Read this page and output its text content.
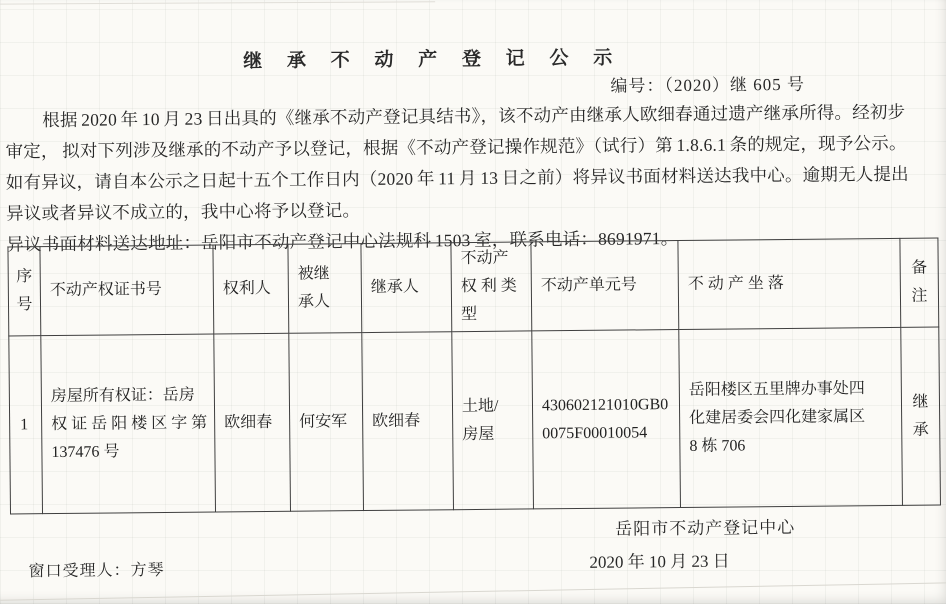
继 承 不 动 产 登 记 公 示
编号：（2020）继 605 号
根据 2020 年 10 月 23 日出具的《继承不动产登记具结书》，该不动产由继承人欧细春通过遗产继承所得。经初步
审定， 拟对下列涉及继承的不动产予以登记，根据《不动产登记操作规范》（试行）第 1.8.6.1 条的规定，现予公示。
如有异议，请自本公示之日起十五个工作日内（2020 年 11 月 13 日之前）将异议书面材料送达我中心。逾期无人提出
异议或者异议不成立的，我中心将予以登记。
异议书面材料送达地址：岳阳市不动产登记中心法规科 1503 室，联系电话：8691971。
序
号	不动产权证书号	权利人	被继
承人	继承人	不动产
权 利 类
型	不动产单元号	不 动 产 坐 落	备
注
1	房屋所有权证：岳房
权 证 岳 阳 楼 区 字 第
137476 号	欧细春	何安军	欧细春	土地/
房屋	430602121010GB0
0075F00010054	岳阳楼区五里牌办事处四
化建居委会四化建家属区
8 栋 706	继
承
岳阳市不动产登记中心
2020 年 10 月 23 日
窗口受理人：方琴
